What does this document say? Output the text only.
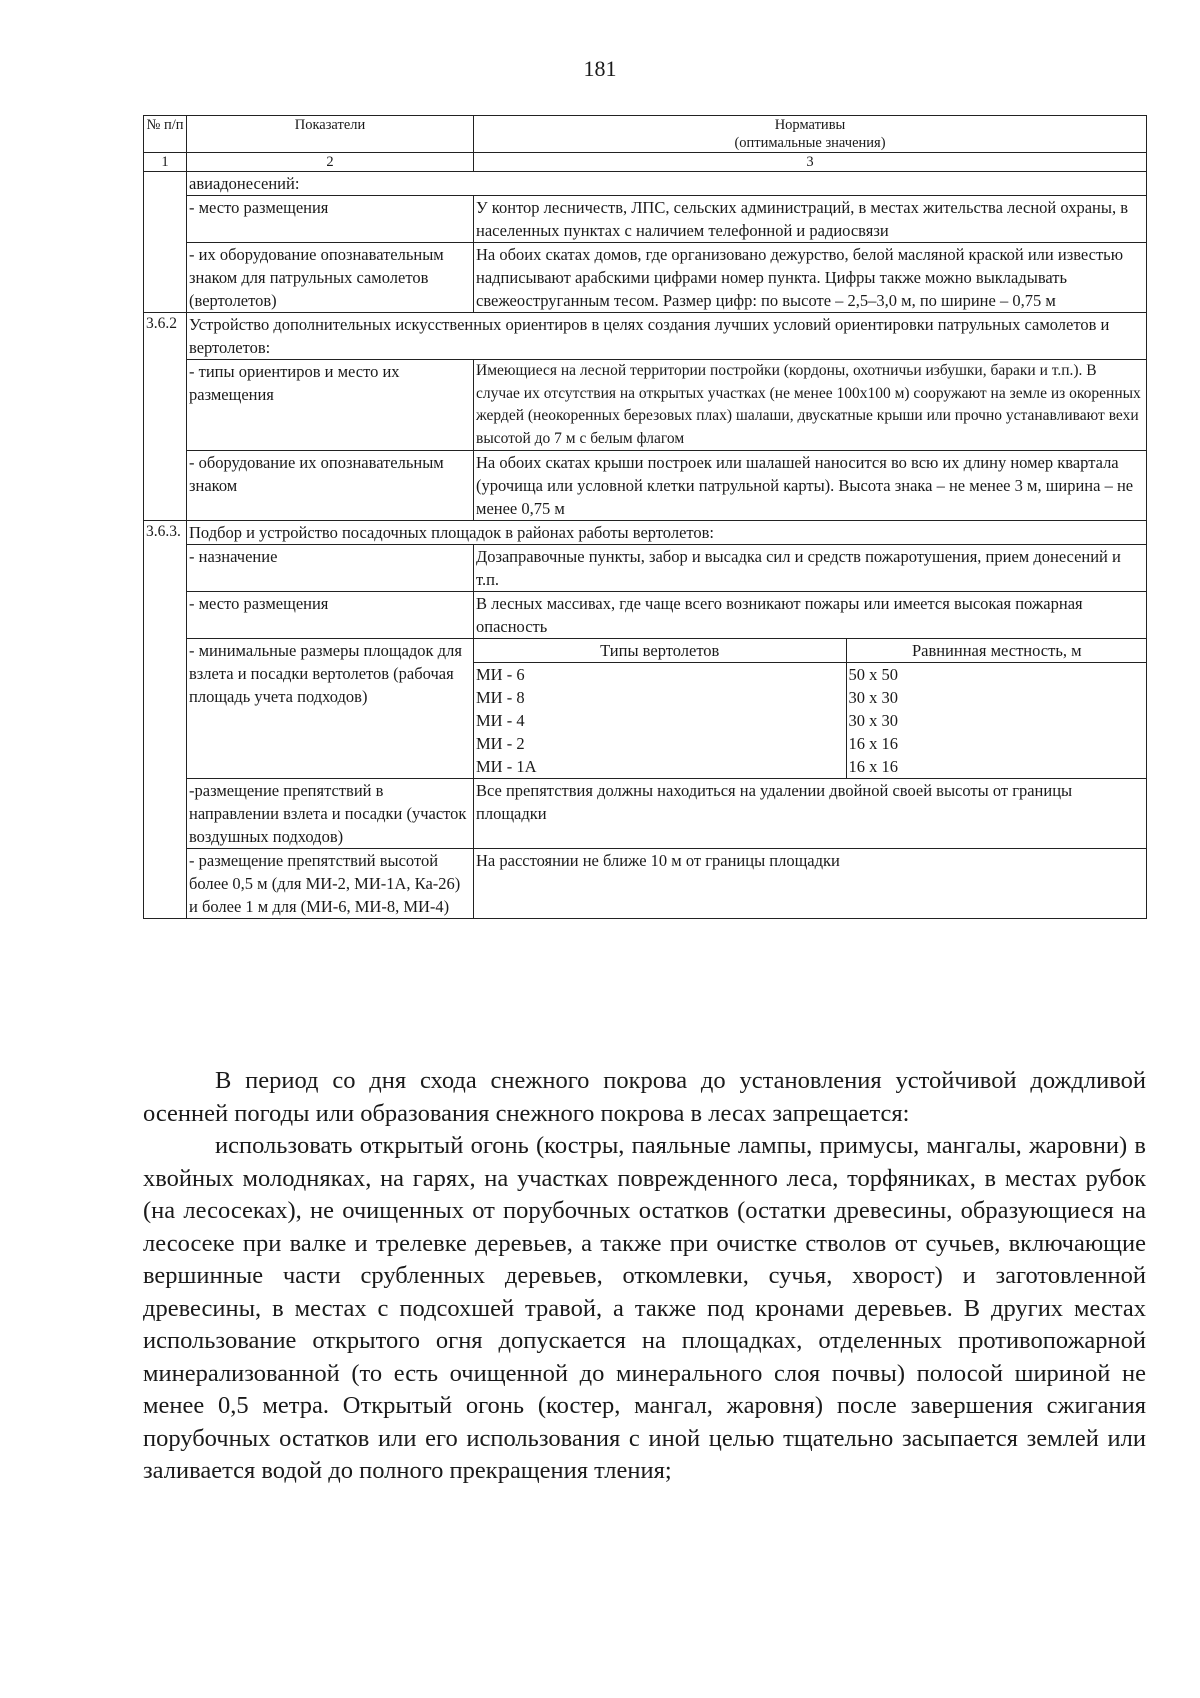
181
№ п/п	Показатели	Нормативы
(оптимальные значения)

1	2	3
	авиадонесений:
- место размещения	У контор лесничеств, ЛПС, сельских администраций, в местах жительства лесной охраны, в населенных пунктах с наличием телефонной и радиосвязи
- их оборудование опознавательным знаком для патрульных самолетов (вертолетов)	На обоих скатах домов, где организовано дежурство, белой масляной краской или известью надписывают арабскими цифрами номер пункта. Цифры также можно выкладывать свежеоструганным тесом. Размер цифр: по высоте – 2,5–3,0 м, по ширине – 0,75 м
3.6.2	Устройство дополнительных искусственных ориентиров в целях создания лучших условий ориентировки патрульных самолетов и вертолетов:
- типы ориентиров и место их размещения	Имеющиеся на лесной территории постройки (кордоны, охотничьи избушки, бараки и т.п.). В случае их отсутствия на открытых участках (не менее 100х100 м) сооружают на земле из окоренных жердей (неокоренных березовых плах) шалаши, двускатные крыши или прочно устанавливают вехи высотой до 7 м с белым флагом
- оборудование их опознавательным знаком	На обоих скатах крыши построек или шалашей наносится во всю их длину номер квартала (урочища или условной клетки патрульной карты). Высота знака – не менее 3 м, ширина – не менее 0,75 м
3.6.3.	Подбор и устройство посадочных площадок в районах работы вертолетов:
- назначение	Дозаправочные пункты, забор и высадка сил и средств пожаротушения, прием донесений и т.п.
- место размещения	В лесных массивах, где чаще всего возникают пожары или имеется высокая пожарная опасность
- минимальные размеры площадок для взлета и посадки вертолетов (рабочая площадь учета подходов)	
Типы вертолетов	Равнинная местность, м
МИ - 6	50 х 50
МИ - 8	30 х 30
МИ - 4	30 х 30
МИ - 2	16 х 16
МИ - 1А	16 х 16

-размещение препятствий в направлении взлета и посадки (участок воздушных подходов)	Все препятствия должны находиться на удалении двойной своей высоты от границы площадки
- размещение препятствий высотой более 0,5 м (для МИ-2, МИ-1А, Ка-26) и более 1 м для (МИ-6, МИ-8, МИ-4)	На расстоянии не ближе 10 м от границы площадки

В период со дня схода снежного покрова до установления устойчивой дождливой осенней погоды или образования снежного покрова в лесах запрещается:

использовать открытый огонь (костры, паяльные лампы, примусы, мангалы, жаровни) в хвойных молодняках, на гарях, на участках поврежденного леса, торфяниках, в местах рубок (на лесосеках), не очищенных от порубочных остатков (остатки древесины, образующиеся на лесосеке при валке и трелевке деревьев, а также при очистке стволов от сучьев, включающие вершинные части срубленных деревьев, откомлевки, сучья, хворост) и заготовленной древесины, в местах с подсохшей травой, а также под кронами деревьев. В других местах использование открытого огня допускается на площадках, отделенных противопожарной минерализованной (то есть очищенной до минерального слоя почвы) полосой шириной не менее 0,5 метра. Открытый огонь (костер, мангал, жаровня) после завершения сжигания порубочных остатков или его использования с иной целью тщательно засыпается землей или заливается водой до полного прекращения тления;
